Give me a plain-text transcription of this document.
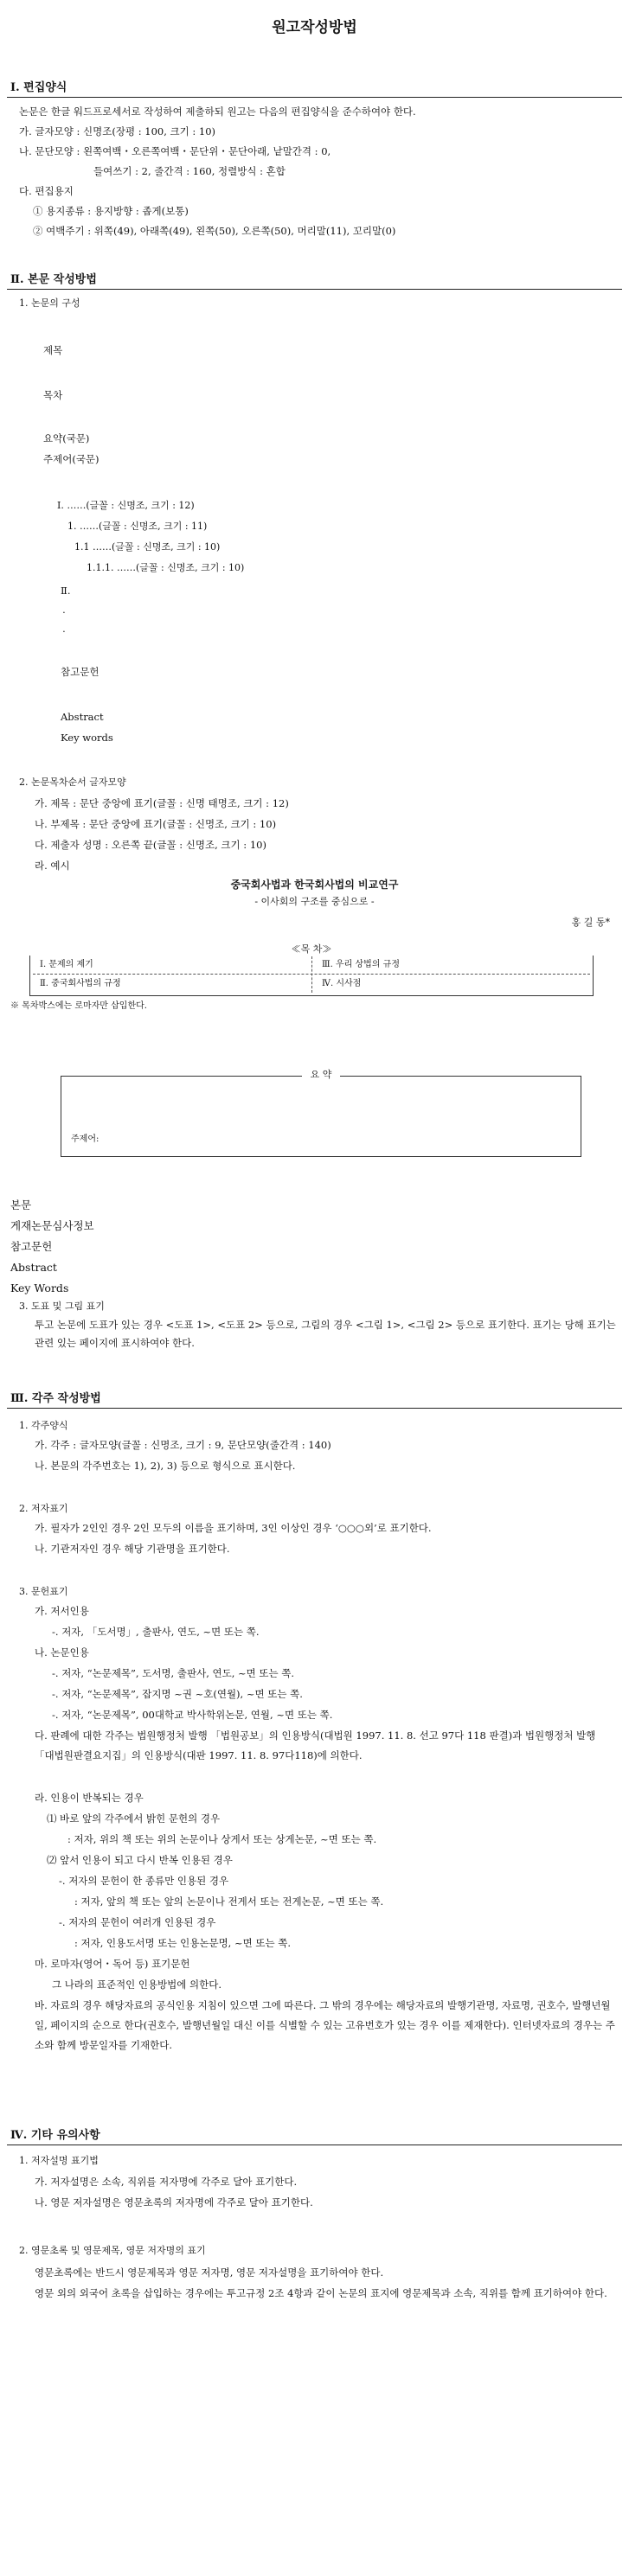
원고작성방법
Ⅰ. 편집양식
논문은 한글 워드프로세서로 작성하여 제출하되 원고는 다음의 편집양식을 준수하여야 한다.
가. 글자모양 : 신명조(장평 : 100, 크기 : 10)
나. 문단모양 : 왼쪽여백・오른쪽여백・문단위・문단아래, 낱말간격 : 0,
들여쓰기 : 2, 줄간격 : 160, 정렬방식 : 혼합
다. 편집용지
① 용지종류 : 용지방향 : 좁게(보통)
② 여백주기 : 위쪽(49), 아래쪽(49), 왼쪽(50), 오른쪽(50), 머리말(11), 꼬리말(0)
Ⅱ. 본문 작성방법
1. 논문의 구성
제목
목차
요약(국문)
주제어(국문)
Ⅰ. ……(글꼴 : 신명조, 크기 : 12)
1. ……(글꼴 : 신명조, 크기 : 11)
1.1 ……(글꼴 : 신명조, 크기 : 10)
1.1.1. ……(글꼴 : 신명조, 크기 : 10)
Ⅱ.
․
․
참고문헌
Abstract
Key words
2. 논문목차순서 글자모양
가. 제목 : 문단 중앙에 표기(글꼴 : 신명 태명조, 크기 : 12)
나. 부제목 : 문단 중앙에 표기(글꼴 : 신명조, 크기 : 10)
다. 제출자 성명 : 오른쪽 끝(글꼴 : 신명조, 크기 : 10)
라. 예시
중국회사법과 한국회사법의 비교연구
- 이사회의 구조를 중심으로 -
홍 길 동*
≪목 차≫
Ⅰ. 문제의 제기
Ⅱ. 중국회사법의 규정
Ⅲ. 우리 상법의 규정
Ⅳ. 시사점
※ 목차박스에는 로마자만 삽입한다.
요 약
주제어:
본문
게재논문심사정보
참고문헌
Abstract
Key Words
3. 도표 및 그림 표기
투고 논문에 도표가 있는 경우 <도표 1>, <도표 2> 등으로, 그림의 경우 <그림 1>, <그림 2> 등으로 표기한다. 표기는 당해 표기는 관련 있는 페이지에 표시하여야 한다.
Ⅲ. 각주 작성방법
1. 각주양식
가. 각주 : 글자모양(글꼴 : 신명조, 크기 : 9, 문단모양(줄간격 : 140)
나. 본문의 각주번호는 1), 2), 3) 등으로 형식으로 표시한다.
2. 저자표기
가. 필자가 2인인 경우 2인 모두의 이름을 표기하며, 3인 이상인 경우 ‘○○○외’로 표기한다.
나. 기관저자인 경우 해당 기관명을 표기한다.
3. 문헌표기
가. 저서인용
-. 저자, 「도서명」, 출판사, 연도, ~면 또는 쪽.
나. 논문인용
-. 저자, “논문제목”, 도서명, 출판사, 연도, ~면 또는 쪽.
-. 저자, “논문제목”, 잡지명 ~권 ~호(연월), ~면 또는 쪽.
-. 저자, “논문제목”, 00대학교 박사학위논문, 연월, ~면 또는 쪽.
다. 판례에 대한 각주는 법원행정처 발행 「법원공보」의 인용방식(대법원 1997. 11. 8. 선고 97다 118 판결)과 법원행정처 발행 「대법원판결요지집」의 인용방식(대판 1997. 11. 8. 97다118)에 의한다.
라. 인용이 반복되는 경우
⑴ 바로 앞의 각주에서 밝힌 문헌의 경우
: 저자, 위의 책 또는 위의 논문이나 상게서 또는 상게논문, ~면 또는 쪽.
⑵ 앞서 인용이 되고 다시 반복 인용된 경우
-. 저자의 문헌이 한 종류만 인용된 경우
: 저자, 앞의 책 또는 앞의 논문이나 전게서 또는 전게논문, ~면 또는 쪽.
-. 저자의 문헌이 여러개 인용된 경우
: 저자, 인용도서명 또는 인용논문명, ~면 또는 쪽.
마. 로마자(영어・독어 등) 표기문헌
그 나라의 표준적인 인용방법에 의한다.
바. 자료의 경우 해당자료의 공식인용 지침이 있으면 그에 따른다. 그 밖의 경우에는 해당자료의 발행기관명, 자료명, 권호수, 발행년월일, 페이지의 순으로 한다(권호수, 발행년월일 대신 이를 식별할 수 있는 고유번호가 있는 경우 이를 제재한다). 인터넷자료의 경우는 주소와 함께 방문일자를 기재한다.
Ⅳ. 기타 유의사항
1. 저자설명 표기법
가. 저자설명은 소속, 직위를 저자명에 각주로 달아 표기한다.
나. 영문 저자설명은 영문초록의 저자명에 각주로 달아 표기한다.
2. 영문초록 및 영문제목, 영문 저자명의 표기
영문초록에는 반드시 영문제목과 영문 저자명, 영문 저자설명을 표기하여야 한다.
영문 외의 외국어 초록을 삽입하는 경우에는 투고규정 2조 4항과 같이 논문의 표지에 영문제목과 소속, 직위를 함께 표기하여야 한다.
